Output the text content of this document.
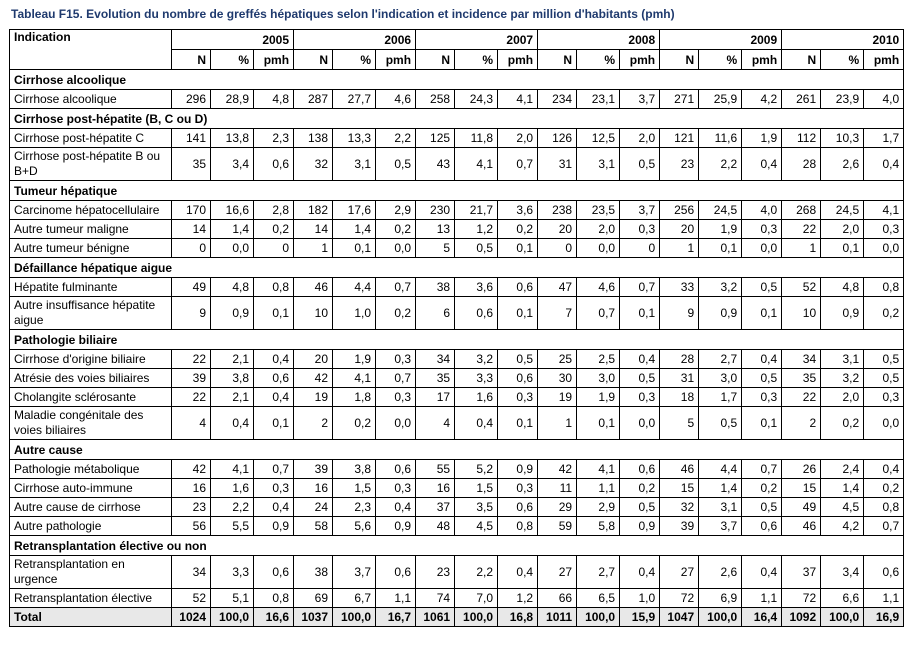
Tableau F15. Evolution du nombre de greffés hépatiques selon l'indication et incidence par million d'habitants (pmh)
Indication	2005			2006			2007			2008			2009			2010		
	N	%	pmh	N	%	pmh	N	%	pmh	N	%	pmh	N	%	pmh	N	%	pmh
Cirrhose alcoolique																		
Cirrhose alcoolique	296	28,9	4,8	287	27,7	4,6	258	24,3	4,1	234	23,1	3,7	271	25,9	4,2	261	23,9	4,0
Cirrhose post-hépatite (B, C ou D)																		
Cirrhose post-hépatite C	141	13,8	2,3	138	13,3	2,2	125	11,8	2,0	126	12,5	2,0	121	11,6	1,9	112	10,3	1,7
Cirrhose post-hépatite B ou B+D	35	3,4	0,6	32	3,1	0,5	43	4,1	0,7	31	3,1	0,5	23	2,2	0,4	28	2,6	0,4
Tumeur hépatique																		
Carcinome hépatocellulaire	170	16,6	2,8	182	17,6	2,9	230	21,7	3,6	238	23,5	3,7	256	24,5	4,0	268	24,5	4,1
Autre tumeur maligne	14	1,4	0,2	14	1,4	0,2	13	1,2	0,2	20	2,0	0,3	20	1,9	0,3	22	2,0	0,3
Autre tumeur bénigne	0	0,0	0	1	0,1	0,0	5	0,5	0,1	0	0,0	0	1	0,1	0,0	1	0,1	0,0
Défaillance hépatique aigue																		
Hépatite fulminante	49	4,8	0,8	46	4,4	0,7	38	3,6	0,6	47	4,6	0,7	33	3,2	0,5	52	4,8	0,8
Autre insuffisance hépatite aigue	9	0,9	0,1	10	1,0	0,2	6	0,6	0,1	7	0,7	0,1	9	0,9	0,1	10	0,9	0,2
Pathologie biliaire																		
Cirrhose d'origine biliaire	22	2,1	0,4	20	1,9	0,3	34	3,2	0,5	25	2,5	0,4	28	2,7	0,4	34	3,1	0,5
Atrésie des voies biliaires	39	3,8	0,6	42	4,1	0,7	35	3,3	0,6	30	3,0	0,5	31	3,0	0,5	35	3,2	0,5
Cholangite sclérosante	22	2,1	0,4	19	1,8	0,3	17	1,6	0,3	19	1,9	0,3	18	1,7	0,3	22	2,0	0,3
Maladie congénitale des voies biliaires	4	0,4	0,1	2	0,2	0,0	4	0,4	0,1	1	0,1	0,0	5	0,5	0,1	2	0,2	0,0
Autre cause																		
Pathologie métabolique	42	4,1	0,7	39	3,8	0,6	55	5,2	0,9	42	4,1	0,6	46	4,4	0,7	26	2,4	0,4
Cirrhose auto-immune	16	1,6	0,3	16	1,5	0,3	16	1,5	0,3	11	1,1	0,2	15	1,4	0,2	15	1,4	0,2
Autre cause de cirrhose	23	2,2	0,4	24	2,3	0,4	37	3,5	0,6	29	2,9	0,5	32	3,1	0,5	49	4,5	0,8
Autre pathologie	56	5,5	0,9	58	5,6	0,9	48	4,5	0,8	59	5,8	0,9	39	3,7	0,6	46	4,2	0,7
Retransplantation élective ou non																		
Retransplantation en urgence	34	3,3	0,6	38	3,7	0,6	23	2,2	0,4	27	2,7	0,4	27	2,6	0,4	37	3,4	0,6
Retransplantation élective	52	5,1	0,8	69	6,7	1,1	74	7,0	1,2	66	6,5	1,0	72	6,9	1,1	72	6,6	1,1
Total	1024	100,0	16,6	1037	100,0	16,7	1061	100,0	16,8	1011	100,0	15,9	1047	100,0	16,4	1092	100,0	16,9
